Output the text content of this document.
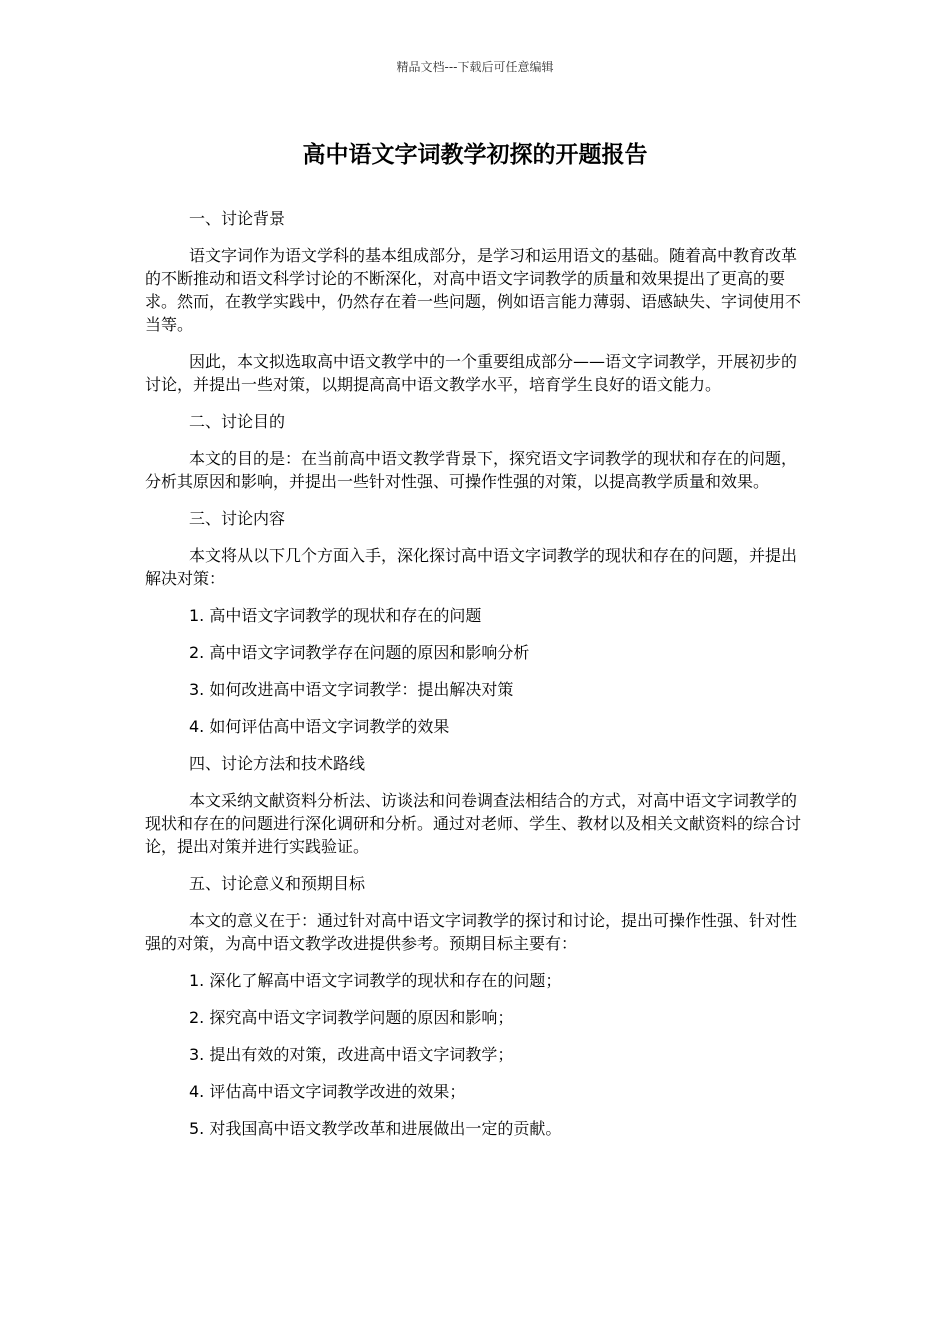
精品文档---下载后可任意编辑
高中语文字词教学初探的开题报告

一、讨论背景

语文字词作为语文学科的基本组成部分，是学习和运用语文的基础。随着高中教育改革的不断推动和语文科学讨论的不断深化，对高中语文字词教学的质量和效果提出了更高的要求。然而，在教学实践中，仍然存在着一些问题，例如语言能力薄弱、语感缺失、字词使用不当等。

因此，本文拟选取高中语文教学中的一个重要组成部分——语文字词教学，开展初步的讨论，并提出一些对策，以期提高高中语文教学水平，培育学生良好的语文能力。

二、讨论目的

本文的目的是：在当前高中语文教学背景下，探究语文字词教学的现状和存在的问题，分析其原因和影响，并提出一些针对性强、可操作性强的对策，以提高教学质量和效果。

三、讨论内容

本文将从以下几个方面入手，深化探讨高中语文字词教学的现状和存在的问题，并提出解决对策：

1. 高中语文字词教学的现状和存在的问题

2. 高中语文字词教学存在问题的原因和影响分析

3. 如何改进高中语文字词教学：提出解决对策

4. 如何评估高中语文字词教学的效果

四、讨论方法和技术路线

本文采纳文献资料分析法、访谈法和问卷调查法相结合的方式，对高中语文字词教学的现状和存在的问题进行深化调研和分析。通过对老师、学生、教材以及相关文献资料的综合讨论，提出对策并进行实践验证。

五、讨论意义和预期目标

本文的意义在于：通过针对高中语文字词教学的探讨和讨论，提出可操作性强、针对性强的对策，为高中语文教学改进提供参考。预期目标主要有：

1. 深化了解高中语文字词教学的现状和存在的问题；

2. 探究高中语文字词教学问题的原因和影响；

3. 提出有效的对策，改进高中语文字词教学；

4. 评估高中语文字词教学改进的效果；

5. 对我国高中语文教学改革和进展做出一定的贡献。
